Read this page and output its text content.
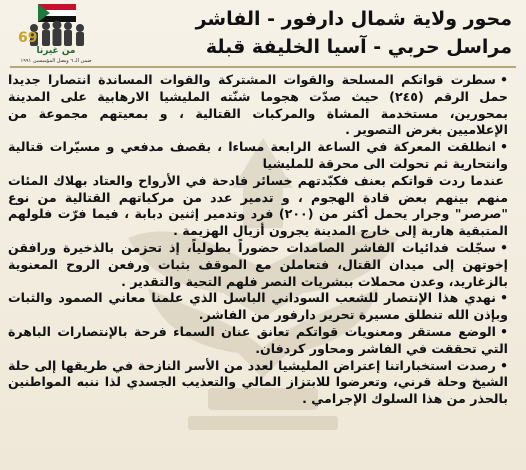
69
من غيرنا
ضمن الـ ٦ ويصل المؤسسين ١٩٩١
محور ولاية شمال دارفور - الفاشر
مراسل حربي - آسيا الخليفة قبلة

•سطرت قواتكم المسلحة والقوات المشتركة والقوات المساندة انتصارا جديدا حمل الرقم (٢٤٥) حيث صدّت هجوما شنّته المليشيا الارهابية على المدينة بمحورين، مستخدمة المشاة والمركبات القتالية ، و بمعيتهم مجموعة من الإعلاميين بغرض التصوير .

•انطلقت المعركة في الساعة الرابعة مساءا ، بقصف مدفعي و مسيّرات قتالية وانتحارية ثم تحولت الى محرقة للمليشيا

عندما ردت قواتكم بعنف فكبّدتهم خسائر فادحة في الأرواح والعتاد بهلاك المئات منهم بينهم بعض قادة الهجوم ، و تدمير عدد من مركباتهم القتالية من نوع "صرصر" وجرار يحمل أكثر من (٢٠٠) فرد وتدمير إثنين دبابة ، فيما فرّت فلولهم المتبقية هاربة إلى خارج المدينة يجرون أزيال الهزيمة .

•سجّلت فدائيات الفاشر الصامدات حضوراً بطولياً، إذ تحزمن بالذخيرة ورافقن إخوتهن إلى ميدان القتال، فتعاملن مع الموقف بثبات ورفعن الروح المعنوية بالزغاريد، وعدن محملات ببشريات النصر فلهم التحية والتقدير .

•نهدي هذا الإنتصار للشعب السوداني الباسل الذي علمنا معاني الصمود والثبات وبإذن الله تنطلق مسيرة تحرير دارفور من الفاشر.

•الوضع مستقر ومعنويات قواتكم تعانق عنان السماء فرحة بالإنتصارات الباهرة التي تحققت في الفاشر ومحاور كردفان.

•رصدت استخباراتنا إعتراض المليشيا لعدد من الأسر النازحة في طريقها إلى حلة الشيخ وحلة قرني، وتعرضوا للابتزاز المالي والتعذيب الجسدي لذا ننبه المواطنين بالحذر من هذا السلوك الإجرامي .
